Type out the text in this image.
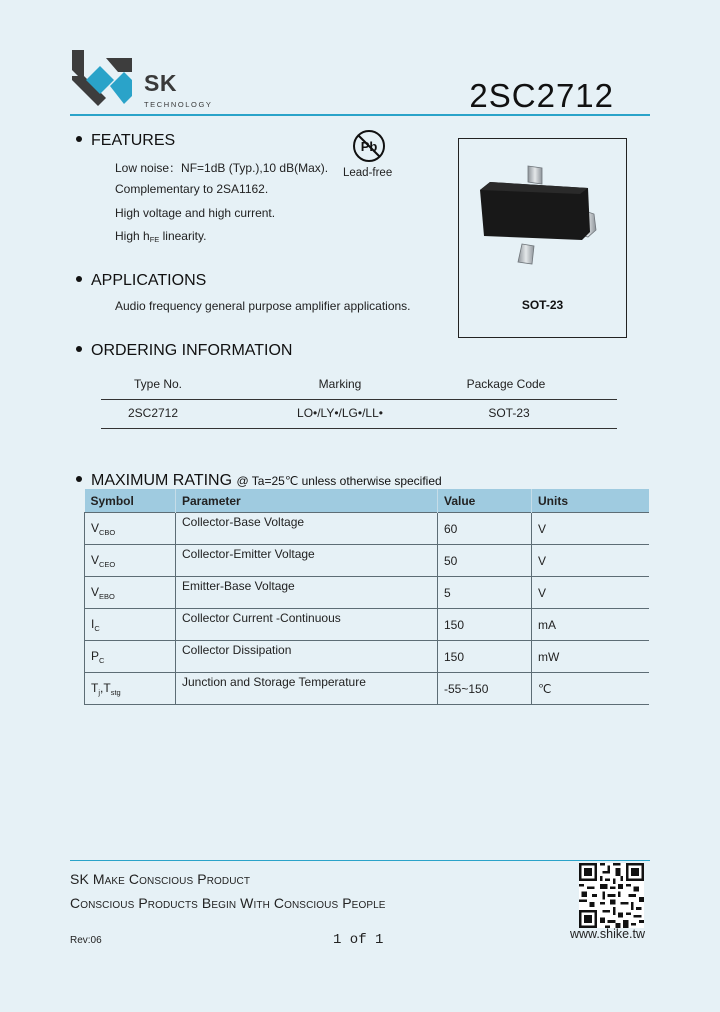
SK
TECHNOLOGY	2SC2712
FEATURES
Low noise：NF=1dB (Typ.),10 dB(Max).
Complementary to 2SA1162.
High voltage and high current.
High $h_{FE}$ linearity.
Pb
Lead-free
SOT-23
APPLICATIONS
Audio frequency general purpose amplifier applications.
ORDERING INFORMATION
Type No.	Marking	Package Code
2SC2712	LO•/LY•/LG•/LL•	SOT-23
MAXIMUM RATING @ Ta=25℃ unless otherwise specified
Symbol	Parameter	Value	Units
$V_{CBO}$	Collector-Base Voltage	60	V
$V_{CEO}$	Collector-Emitter Voltage	50	V
$V_{EBO}$	Emitter-Base Voltage	5	V
$I_C$	Collector Current -Continuous	150	mA
$P_C$	Collector Dissipation	150	mW
$T_j,T_{stg}$	Junction and Storage Temperature	-55~150	℃
SK Make Conscious Product
Conscious Products Begin With Conscious People
www.shike.tw
Rev:06	1 of 1
